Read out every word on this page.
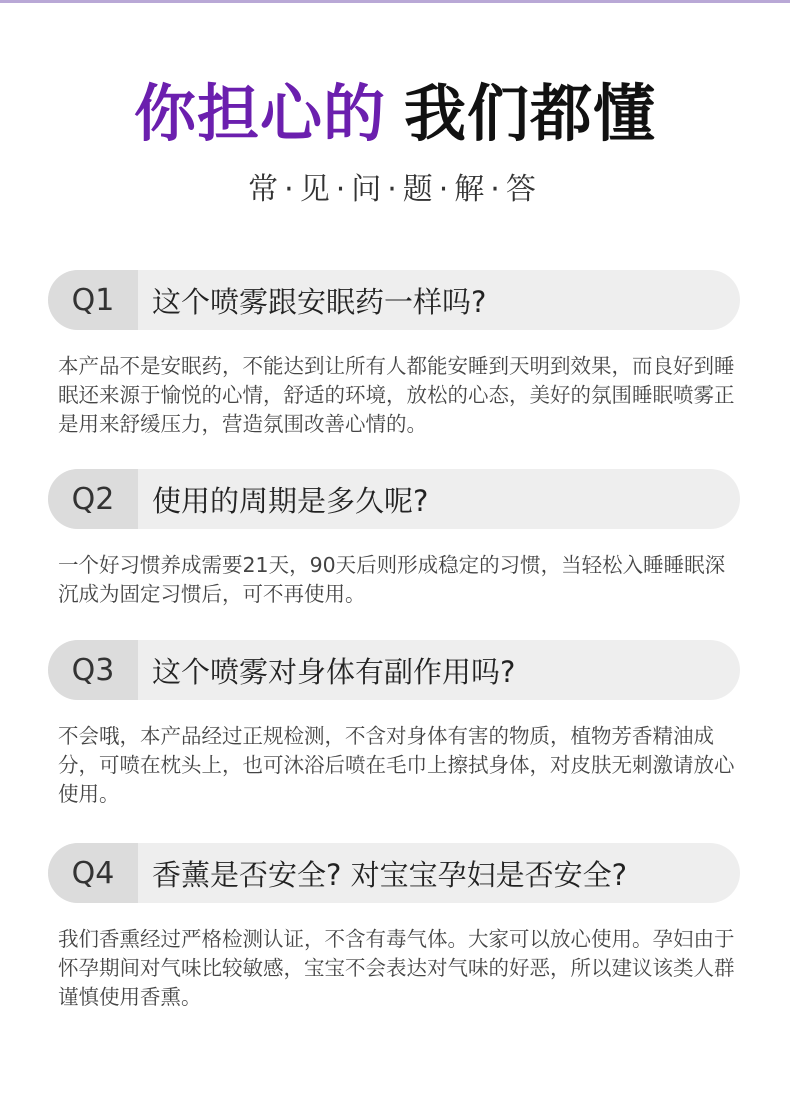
你担心的 我们都懂
常·见·问·题·解·答
Q1	这个喷雾跟安眠药一样吗?
本产品不是安眠药，不能达到让所有人都能安睡到天明到效果，而良好到睡眠还来源于愉悦的心情，舒适的环境，放松的心态，美好的氛围睡眠喷雾正是用来舒缓压力，营造氛围改善心情的。
Q2	使用的周期是多久呢?
一个好习惯养成需要21天，90天后则形成稳定的习惯，当轻松入睡睡眠深沉成为固定习惯后，可不再使用。
Q3	这个喷雾对身体有副作用吗?
不会哦，本产品经过正规检测，不含对身体有害的物质，植物芳香精油成分，可喷在枕头上，也可沐浴后喷在毛巾上擦拭身体，对皮肤无刺激请放心使用。
Q4	香薰是否安全? 对宝宝孕妇是否安全?
我们香熏经过严格检测认证，不含有毒气体。大家可以放心使用。孕妇由于怀孕期间对气味比较敏感，宝宝不会表达对气味的好恶，所以建议该类人群谨慎使用香熏。
